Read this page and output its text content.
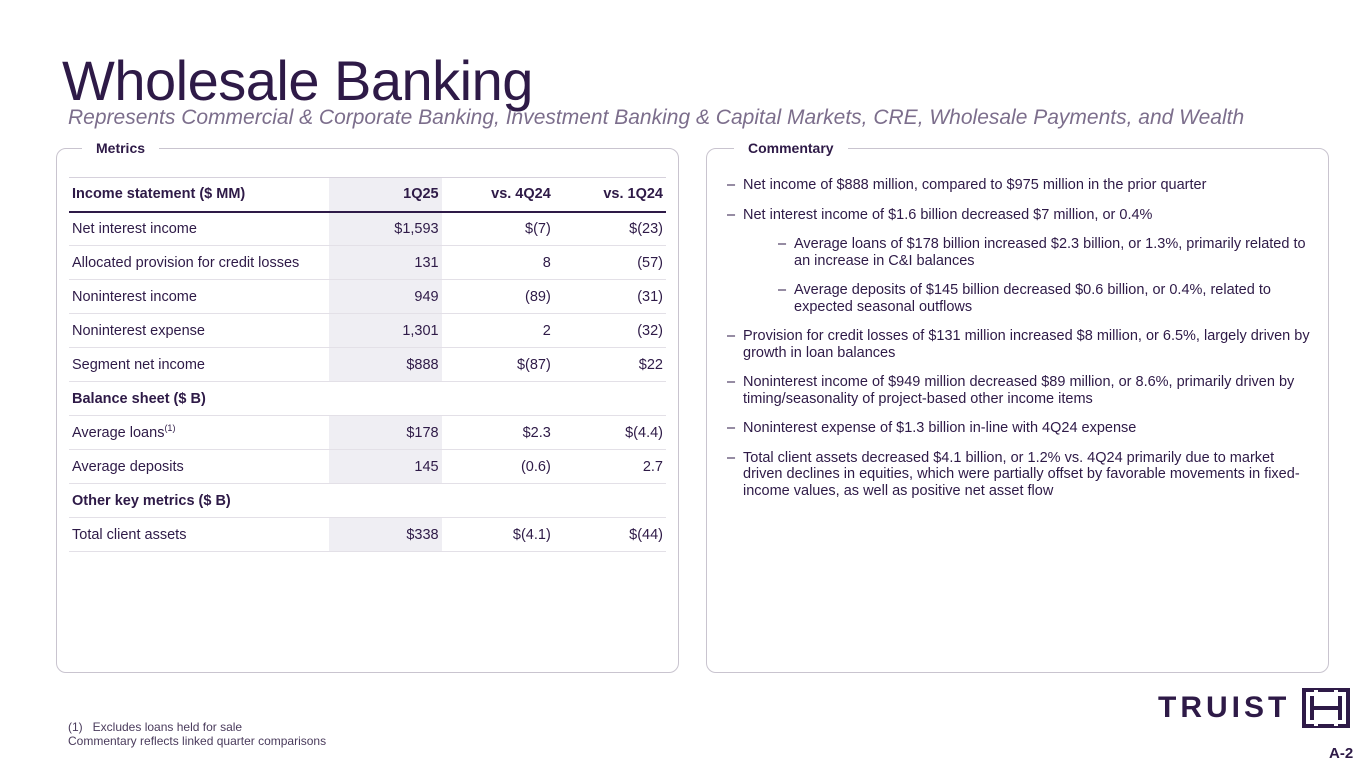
Wholesale Banking
Represents Commercial & Corporate Banking, Investment Banking & Capital Markets, CRE, Wholesale Payments, and Wealth
Metrics
Income statement ($ MM)	1Q25	vs. 4Q24	vs. 1Q24
Net interest income	$1,593	$(7)	$(23)
Allocated provision for credit losses	131	8	(57)
Noninterest income	949	(89)	(31)
Noninterest expense	1,301	2	(32)
Segment net income	$888	$(87)	$22
Balance sheet ($ B)			
Average loans$^{(1)}$	$178	$2.3	$(4.4)
Average deposits	145	(0.6)	2.7
Other key metrics ($ B)			
Total client assets	$338	$(4.1)	$(44)
Commentary
– Net income of $888 million, compared to $975 million in the prior quarter
– Net interest income of $1.6 billion decreased $7 million, or 0.4%
– Average loans of $178 billion increased $2.3 billion, or 1.3%, primarily related to an increase in C&I balances
– Average deposits of $145 billion decreased $0.6 billion, or 0.4%, related to expected seasonal outflows
– Provision for credit losses of $131 million increased $8 million, or 6.5%, largely driven by growth in loan balances
– Noninterest income of $949 million decreased $89 million, or 8.6%, primarily driven by timing/seasonality of project-based other income items
– Noninterest expense of $1.3 billion in-line with 4Q24 expense
– Total client assets decreased $4.1 billion, or 1.2% vs. 4Q24 primarily due to market driven declines in equities, which were partially offset by favorable movements in fixed-income values, as well as positive net asset flow
(1)   Excludes loans held for sale
Commentary reflects linked quarter comparisons
TRUIST
A-2
